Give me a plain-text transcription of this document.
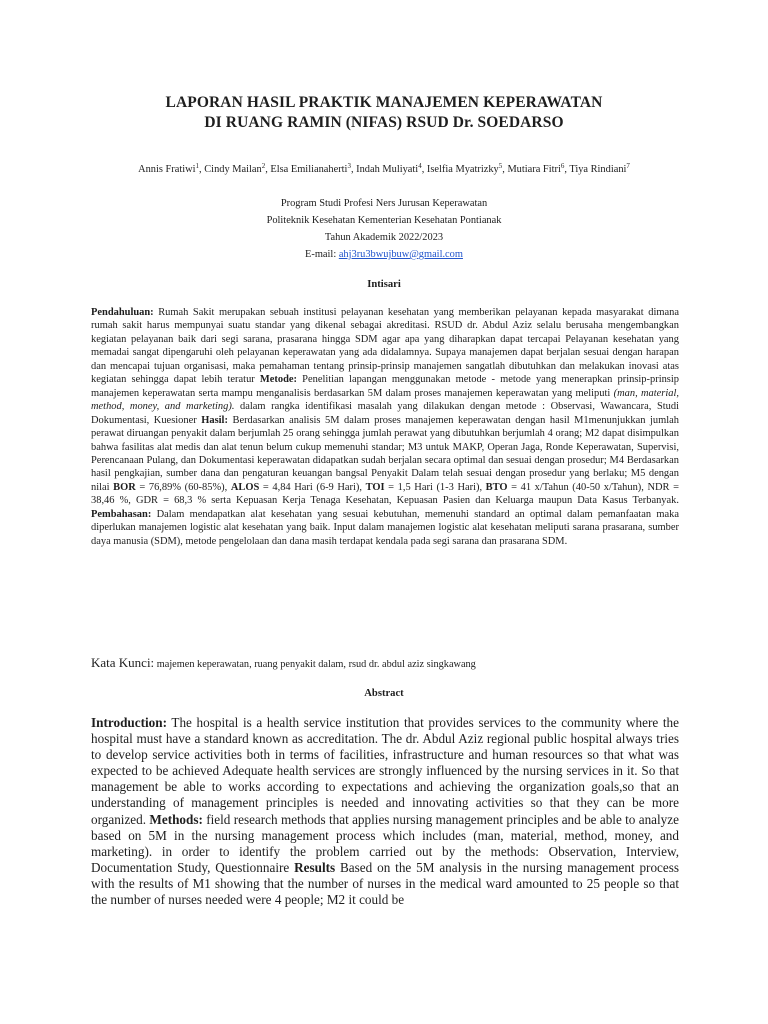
LAPORAN HASIL PRAKTIK MANAJEMEN KEPERAWATAN
DI RUANG RAMIN (NIFAS) RSUD Dr. SOEDARSO
Annis Fratiwi$^1$, Cindy Mailan$^2$, Elsa Emilianaherti$^3$, Indah Muliyati$^4$, Iselfia Myatrizky$^5$, Mutiara Fitri$^6$, Tiya Rindiani$^7$
Program Studi Profesi Ners Jurusan Keperawatan
Politeknik Kesehatan Kementerian Kesehatan Pontianak
Tahun Akademik 2022/2023
E-mail: ahj3ru3bwujbuw@gmail.com
Intisari
Pendahuluan: Rumah Sakit merupakan sebuah institusi pelayanan kesehatan yang memberikan pelayanan kepada masyarakat dimana rumah sakit harus mempunyai suatu standar yang dikenal sebagai akreditasi. RSUD dr. Abdul Aziz selalu berusaha mengembangkan kegiatan pelayanan baik dari segi sarana, prasarana hingga SDM agar apa yang diharapkan dapat tercapai Pelayanan kesehatan yang memadai sangat dipengaruhi oleh pelayanan keperawatan yang ada didalamnya. Supaya manajemen dapat berjalan sesuai dengan harapan dan mencapai tujuan organisasi, maka pemahaman tentang prinsip-prinsip manajemen sangatlah dibutuhkan dan melakukan inovasi atas kegiatan sehingga dapat lebih teratur Metode: Penelitian lapangan menggunakan metode - metode yang menerapkan prinsip-prinsip manajemen keperawatan serta mampu menganalisis berdasarkan 5M dalam proses manajemen keperawatan yang meliputi (man, material, method, money, and marketing). dalam rangka identifikasi masalah yang dilakukan dengan metode : Observasi, Wawancara, Studi Dokumentasi, Kuesioner Hasil: Berdasarkan analisis 5M dalam proses manajemen keperawatan dengan hasil M1menunjukkan jumlah perawat diruangan penyakit dalam berjumlah 25 orang sehingga jumlah perawat yang dibutuhkan berjumlah 4 orang; M2 dapat disimpulkan bahwa fasilitas alat medis dan alat tenun belum cukup memenuhi standar; M3 untuk MAKP, Operan Jaga, Ronde Keperawatan, Supervisi, Perencanaan Pulang, dan Dokumentasi keperawatan didapatkan sudah berjalan secara optimal dan sesuai dengan prosedur; M4 Berdasarkan hasil pengkajian, sumber dana dan pengaturan keuangan bangsal Penyakit Dalam telah sesuai dengan prosedur yang berlaku; M5 dengan nilai BOR = 76,89% (60-85%), ALOS = 4,84 Hari (6-9 Hari), TOI = 1,5 Hari (1-3 Hari), BTO = 41 x/Tahun (40-50 x/Tahun), NDR = 38,46 %, GDR = 68,3 % serta Kepuasan Kerja Tenaga Kesehatan, Kepuasan Pasien dan Keluarga maupun Data Kasus Terbanyak. Pembahasan: Dalam mendapatkan alat kesehatan yang sesuai kebutuhan, memenuhi standard an optimal dalam pemanfaatan maka diperlukan manajemen logistic alat kesehatan yang baik. Input dalam manajemen logistic alat kesehatan meliputi sarana prasarana, sumber daya manusia (SDM), metode pengelolaan dan dana masih terdapat kendala pada segi sarana dan prasarana SDM.
Kata Kunci: majemen keperawatan, ruang penyakit dalam, rsud dr. abdul aziz singkawang
Abstract
Introduction: The hospital is a health service institution that provides services to the community where the hospital must have a standard known as accreditation. The dr. Abdul Aziz regional public hospital always tries to develop service activities both in terms of facilities, infrastructure and human resources so that what was expected to be achieved Adequate health services are strongly influenced by the nursing services in it. So that management be able to works according to expectations and achieving the organization goals,so that an understanding of management principles is needed and innovating activities so that they can be more organized. Methods: field research methods that applies nursing management principles and be able to analyze based on 5M in the nursing management process which includes (man, material, method, money, and marketing). in order to identify the problem carried out by the methods: Observation, Interview, Documentation Study, Questionnaire Results Based on the 5M analysis in the nursing management process with the results of M1 showing that the number of nurses in the medical ward amounted to 25 people so that the number of nurses needed were 4 people; M2 it could be
